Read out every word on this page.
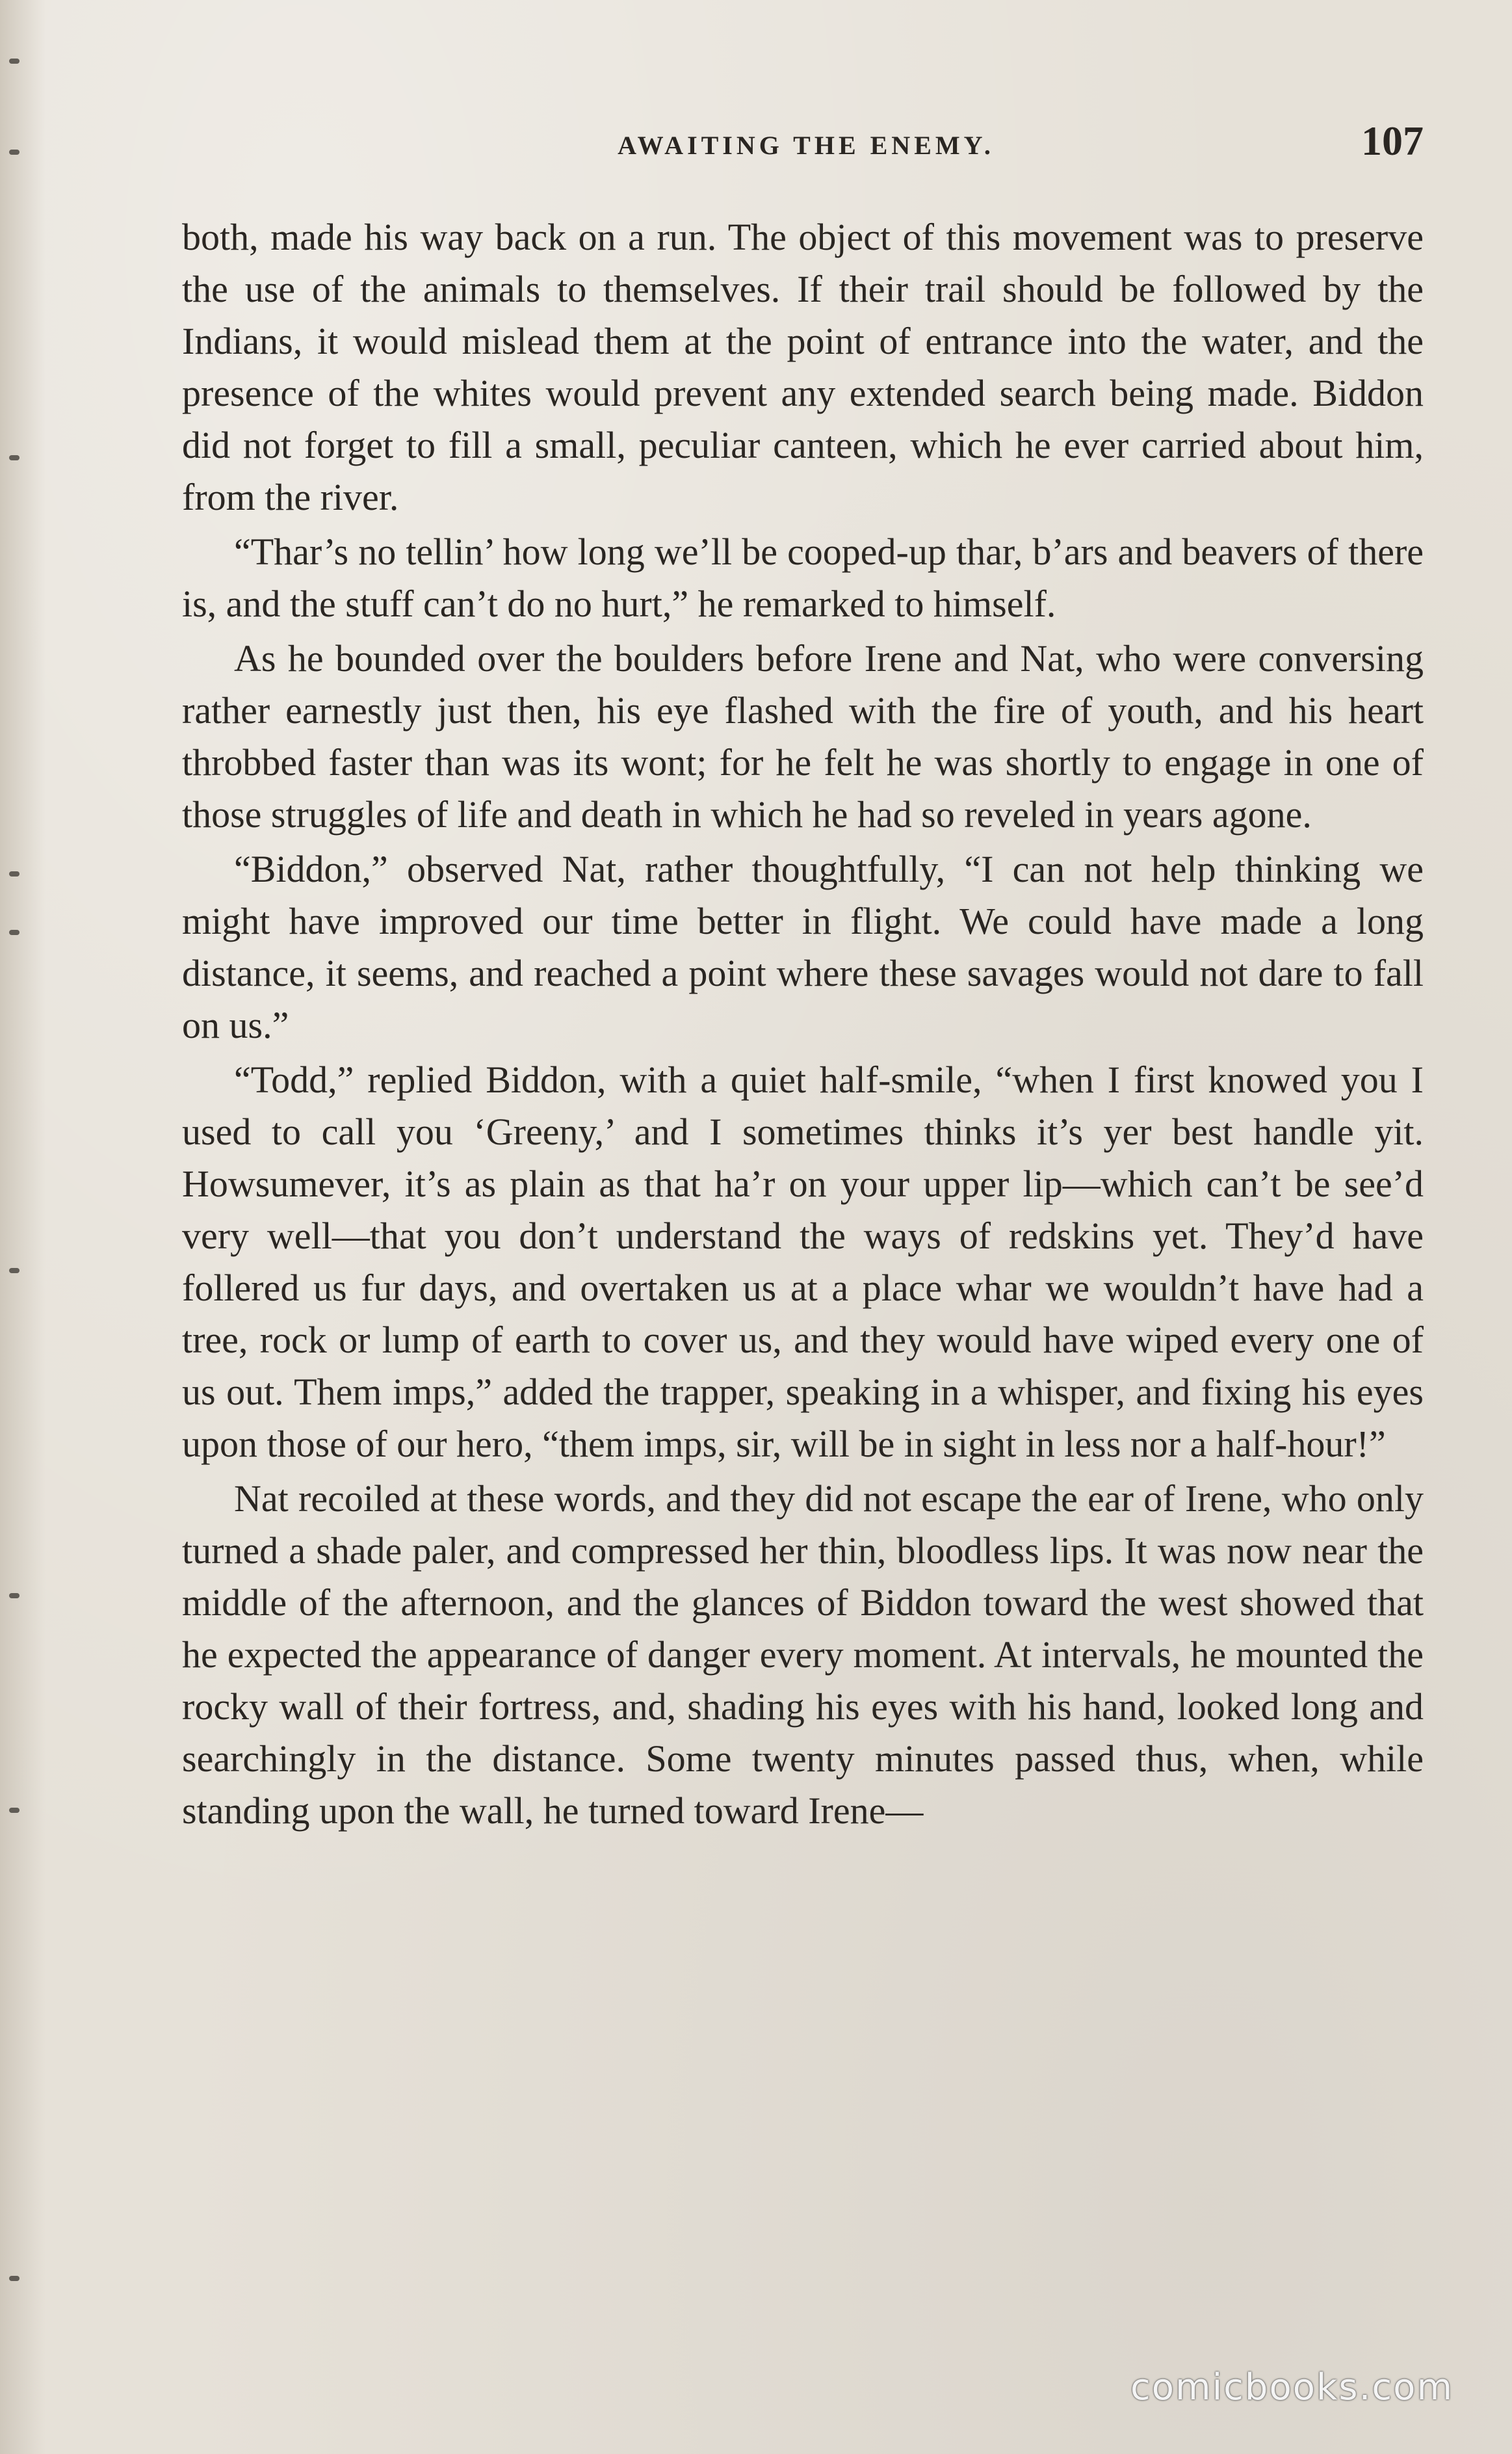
AWAITING THE ENEMY.	107

both, made his way back on a run. The object of this movement was to preserve the use of the animals to themselves. If their trail should be followed by the Indians, it would mislead them at the point of entrance into the water, and the presence of the whites would prevent any extended search being made. Biddon did not forget to fill a small, peculiar canteen, which he ever carried about him, from the river.

“Thar’s no tellin’ how long we’ll be cooped-up thar, b’ars and beavers of there is, and the stuff can’t do no hurt,” he remarked to himself.

As he bounded over the boulders before Irene and Nat, who were conversing rather earnestly just then, his eye flashed with the fire of youth, and his heart throbbed faster than was its wont; for he felt he was shortly to engage in one of those struggles of life and death in which he had so reveled in years agone.

“Biddon,” observed Nat, rather thoughtfully, “I can not help thinking we might have improved our time better in flight. We could have made a long distance, it seems, and reached a point where these savages would not dare to fall on us.”

“Todd,” replied Biddon, with a quiet half-smile, “when I first knowed you I used to call you ‘Greeny,’ and I sometimes thinks it’s yer best handle yit. Howsumever, it’s as plain as that ha’r on your upper lip—which can’t be see’d very well—that you don’t understand the ways of redskins yet. They’d have follered us fur days, and overtaken us at a place whar we wouldn’t have had a tree, rock or lump of earth to cover us, and they would have wiped every one of us out. Them imps,” added the trapper, speaking in a whisper, and fixing his eyes upon those of our hero, “them imps, sir, will be in sight in less nor a half-hour!”

Nat recoiled at these words, and they did not escape the ear of Irene, who only turned a shade paler, and compressed her thin, bloodless lips. It was now near the middle of the afternoon, and the glances of Biddon toward the west showed that he expected the appearance of danger every moment. At intervals, he mounted the rocky wall of their fortress, and, shading his eyes with his hand, looked long and searchingly in the distance. Some twenty minutes passed thus, when, while standing upon the wall, he turned toward Irene—

comicbooks.com
